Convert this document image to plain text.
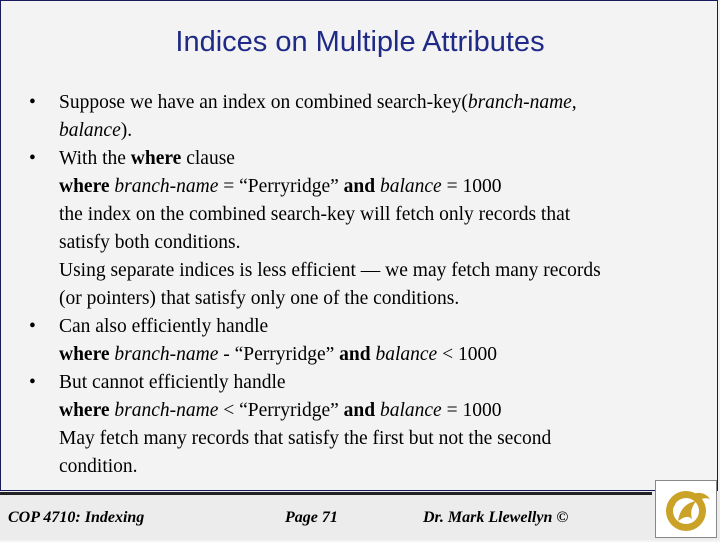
Indices on Multiple Attributes
• Suppose we have an index on combined search-key(branch-name,
balance).
• With the where clause
where branch-name = “Perryridge” and balance = 1000
the index on the combined search-key will fetch only records that
satisfy both conditions.
Using separate indices is less efficient — we may fetch many records
(or pointers) that satisfy only one of the conditions.
• Can also efficiently handle
where branch-name - “Perryridge” and balance < 1000
• But cannot efficiently handle
where branch-name < “Perryridge” and balance = 1000
May fetch many records that satisfy the first but not the second
condition.
COP 4710: Indexing	Page 71	Dr. Mark Llewellyn ©
